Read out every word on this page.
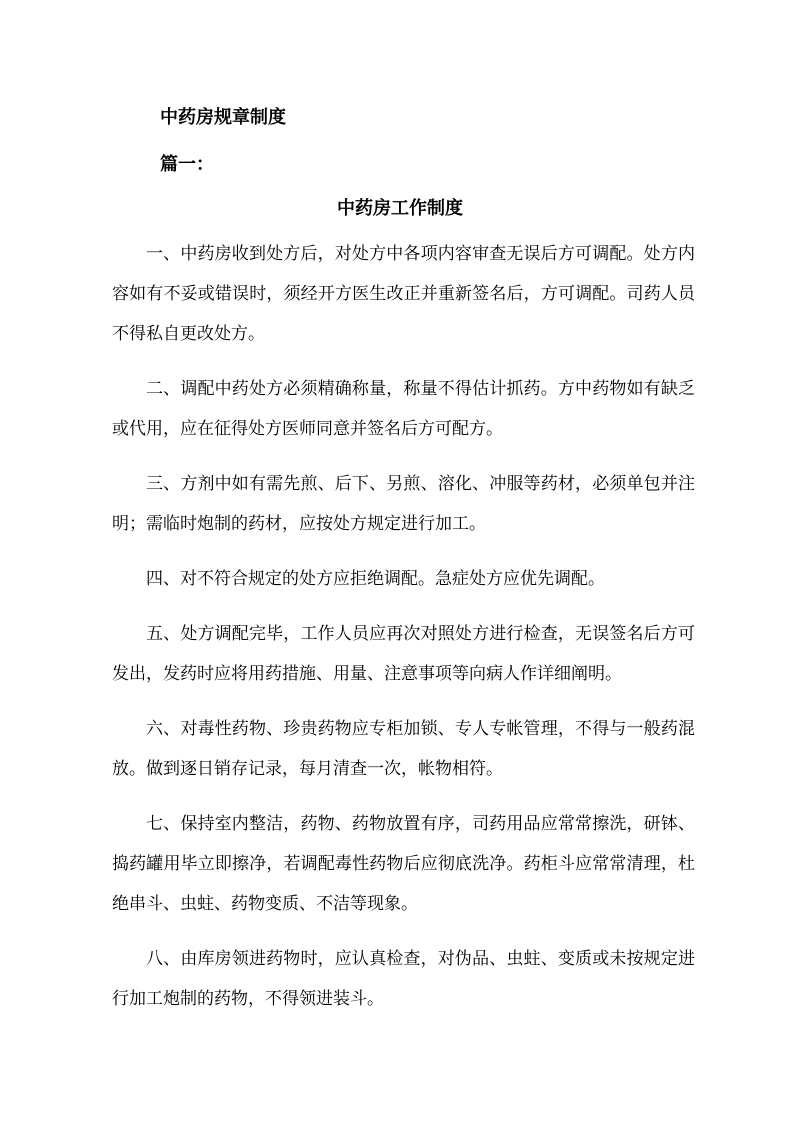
中药房规章制度
篇一：
中药房工作制度

一、中药房收到处方后，对处方中各项内容审查无误后方可调配。处方内容如有不妥或错误时，须经开方医生改正并重新签名后，方可调配。司药人员不得私自更改处方。

二、调配中药处方必须精确称量，称量不得估计抓药。方中药物如有缺乏或代用，应在征得处方医师同意并签名后方可配方。

三、方剂中如有需先煎、后下、另煎、溶化、冲服等药材，必须单包并注明；需临时炮制的药材，应按处方规定进行加工。

四、对不符合规定的处方应拒绝调配。急症处方应优先调配。

五、处方调配完毕，工作人员应再次对照处方进行检查，无误签名后方可发出，发药时应将用药措施、用量、注意事项等向病人作详细阐明。

六、对毒性药物、珍贵药物应专柜加锁、专人专帐管理，不得与一般药混放。做到逐日销存记录，每月清查一次，帐物相符。

七、保持室内整洁，药物、药物放置有序，司药用品应常常擦洗，研钵、捣药罐用毕立即擦净，若调配毒性药物后应彻底洗净。药柜斗应常常清理，杜绝串斗、虫蛀、药物变质、不洁等现象。

八、由库房领进药物时，应认真检查，对伪品、虫蛀、变质或未按规定进行加工炮制的药物，不得领进装斗。
